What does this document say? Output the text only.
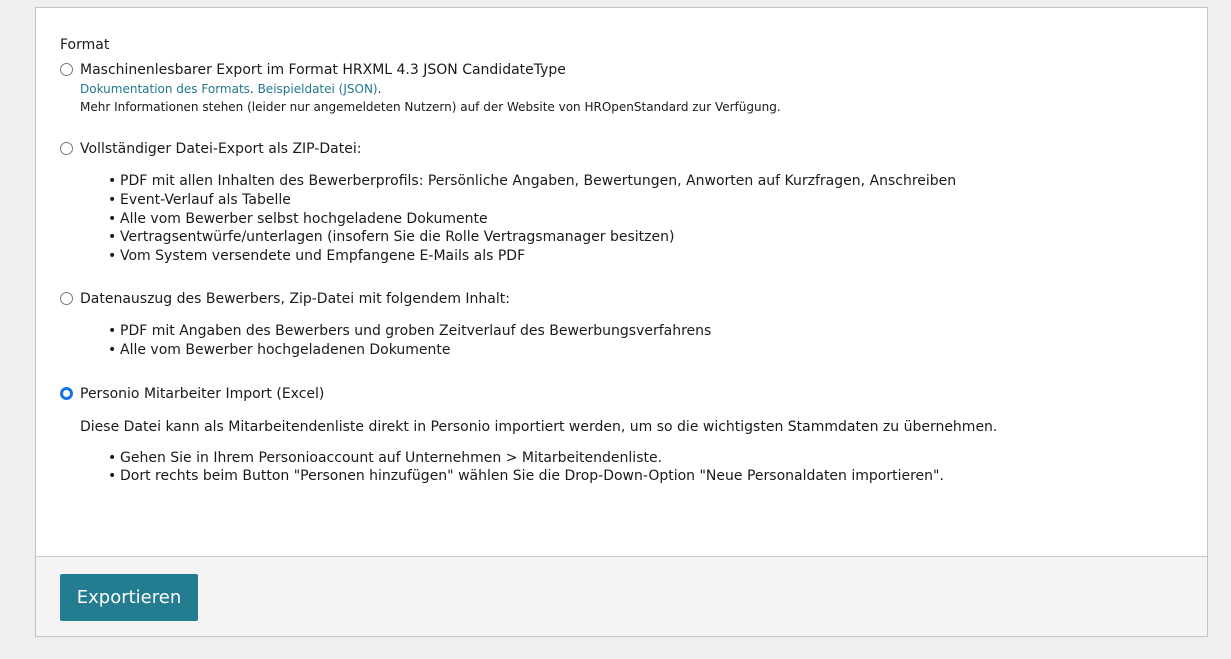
Format
Maschinenlesbarer Export im Format HRXML 4.3 JSON CandidateType
Dokumentation des Formats. Beispieldatei (JSON).
Mehr Informationen stehen (leider nur angemeldeten Nutzern) auf der Website von HROpenStandard zur Verfügung.
Vollständiger Datei-Export als ZIP-Datei:
• PDF mit allen Inhalten des Bewerberprofils: Persönliche Angaben, Bewertungen, Anworten auf Kurzfragen, Anschreiben
• Event-Verlauf als Tabelle
• Alle vom Bewerber selbst hochgeladene Dokumente
• Vertragsentwürfe/unterlagen (insofern Sie die Rolle Vertragsmanager besitzen)
• Vom System versendete und Empfangene E-Mails als PDF
Datenauszug des Bewerbers, Zip-Datei mit folgendem Inhalt:
• PDF mit Angaben des Bewerbers und groben Zeitverlauf des Bewerbungsverfahrens
• Alle vom Bewerber hochgeladenen Dokumente
Personio Mitarbeiter Import (Excel)
Diese Datei kann als Mitarbeitendenliste direkt in Personio importiert werden, um so die wichtigsten Stammdaten zu übernehmen.
• Gehen Sie in Ihrem Personioaccount auf Unternehmen > Mitarbeitendenliste.
• Dort rechts beim Button "Personen hinzufügen" wählen Sie die Drop-Down-Option "Neue Personaldaten importieren".
Exportieren
